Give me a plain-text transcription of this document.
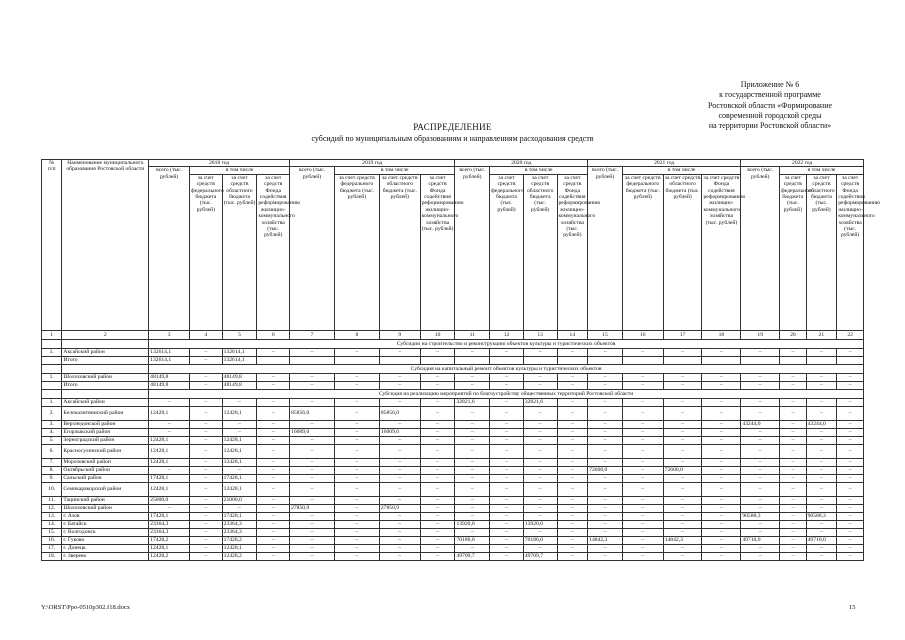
Приложение № 6
к государственной программе
Ростовской области «Формирование
современной городской среды
на территории Ростовской области»
РАСПРЕДЕЛЕНИЕ
субсидий по муниципальным образованиям и направлениям расходования средств
№
п/п	Наименование муниципального образования Ростовской области	2018 год				2019 год				2020 год				2021 год				2022 год			
		всего (тыс. рублей)	в том числе			всего (тыс. рублей)	в том числе			всего (тыс. рублей)	в том числе			всего (тыс. рублей)	в том числе			всего (тыс. рублей)	в том числе		
			за счет средств федерального бюджета (тыс. рублей)	за счет средств областного бюджета (тыс. рублей)	за счет средств Фонда содействия реформированию жилищно-коммунального хозяйства (тыс. рублей)		за счет средств федерального бюджета (тыс. рублей)	за счет средств областного бюджета (тыс. рублей)	за счет средств Фонда содействия реформированию жилищно-коммунального хозяйства (тыс. рублей)		за счет средств федерального бюджета (тыс. рублей)	за счет средств областного бюджета (тыс. рублей)	за счет средств Фонда содействия реформированию жилищно-коммунального хозяйства (тыс. рублей)		за счет средств федерального бюджета (тыс. рублей)	за счет средств областного бюджета (тыс. рублей)	за счет средств Фонда содействия реформированию жилищно-коммунального хозяйства (тыс. рублей)		за счет средств федерального бюджета (тыс. рублей)	за счет средств областного бюджета (тыс. рублей)	за счет средств Фонда содействия реформированию жилищно-коммунального хозяйства (тыс. рублей)
1	2	3	4	5	6	7	8	9	10	11	12	13	14	15	16	17	18	19	20	21	22
		Субсидии на строительство и реконструкцию объектов культуры и туристических объектов																			
1.	Аксайский район	132614,1	–	132614,1	–	–	–	–	–	–	–	–	–	–	–	–	–	–	–	–	–
	Итого	132614,1	–	132614,1																	
		Субсидия на капитальный ремонт объектов культуры и туристических объектов																			
1.	Шолоховский район	48149,8	–	48149,8	–	–	–	–	–	–	–	–	–	–	–	–	–	–	–	–	–
	Итого	48149,8	–	48149,8	–	–	–	–	–	–	–	–	–	–	–	–	–	–	–	–	–
		Субсидия на реализацию мероприятий по благоустройству общественных территорий Ростовской области																			
1.	Аксайский район	–	–	–	–	–	–	–	–	32821,6	–	32821,6	–	–	–	–	–	–	–	–	–
2.	Белокалитвинский район	12428,1	–	12428,1	–	85856,0	–	85856,0	–	–	–	–	–	–	–	–	–	–	–	–	–
3.	Верхнедонской район	–	–	–	–	–	–	–	–	–	–	–	–	–	–	–	–	43244,0	–	43244,0	–
4.	Егорлыкский район	–	–	–	–	16009,0	–	16009,0	–	–	–	–	–	–	–	–	–	–	–	–	–
5.	Зерноградский район	12428,1	–	12428,1	–	–	–	–	–	–	–	–	–	–	–	–	–	–	–	–	–
6.	Красносулинский район	12428,1	–	12428,1	–	–	–	–	–	–	–	–	–	–	–	–	–	–	–	–	–
7.	Морозовский район	12428,1	–	12428,1	–	–	–	–	–	–	–	–	–	–	–	–	–	–	–	–	–
8.	Октябрьский район	–	–	–	–	–	–	–	–	–	–	–	–	72600,0	–	72600,0	–	–	–	–	–
9.	Сальский район	17428,1	–	17428,1	–	–	–	–	–	–	–	–	–	–	–	–	–	–	–	–	–
10.	Семикаракорский район	12428,1	–	12428,1	–	–	–	–	–	–	–	–	–	–	–	–	–	–	–	–	–
11.	Тацинский район	25000,0	–	25000,0	–	–	–	–	–	–	–	–	–	–	–	–	–	–	–	–	–
12.	Шолоховский район	–	–	–	–	27850,9	–	27850,9	–	–	–	–	–	–	–	–	–	–	–	–	–
13.	г. Азов	17428,1	–	17428,1	–	–	–	–	–	–	–	–	–	–	–	–	–	90588,3	–	90588,3	–
14.	г. Батайск	23364,3	–	23364,3	–	–	–	–	–	13920,0	–	13920,0	–	–	–	–	–	–	–	–	–
15.	г. Волгодонск	23364,3	–	23364,3	–	–	–	–	–	–	–	–	–	–	–	–	–	–	–	–	–
16.	г. Гуково	17428,2	–	17428,2	–	–	–	–	–	70186,0	–	70186,0	–	14842,3	–	14842,3	–	49710,0	–	49710,0	–
17.	г. Донецк	12428,1	–	12428,1	–	–	–	–	–	–	–	–	–	–	–	–	–	–	–	–	–
18.	г. Зверево	12428,2	–	12428,2	–	–	–	–	–	49709,7	–	49709,7	–	–	–	–	–	–	–	–	–
Y:\ORST\Ppo-0510p302.f18.docx	15
